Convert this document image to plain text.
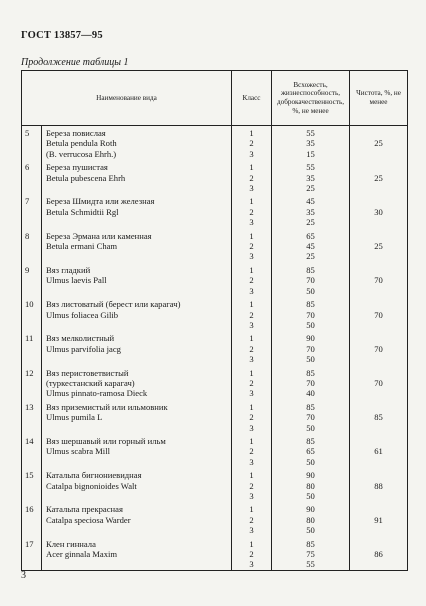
ГОСТ 13857—95
Продолжение таблицы 1
Наименование вида		Класс	Всхожесть, жизнеспособность, доброкачественность, %, не менее	Чистота, %, не менее
5	Береза повислая	1	55	
	Betula pendula Roth	2	35	25
	(B. verrucosa Ehrh.)	3	15	
6	Береза пушистая	1	55	
	Betula pubescena Ehrh	2	35	25
		3	25	
7	Береза Шмидта или железная	1	45	
	Betula Schmidtii Rgl	2	35	30
		3	25	
8	Береза Эрмана или каменная	1	65	
	Betula ermani Cham	2	45	25
		3	25	
9	Вяз гладкий	1	85	
	Ulmus laevis Pall	2	70	70
		3	50	
10	Вяз листоватый (берест или карагач)	1	85	
	Ulmus foliacea Gilib	2	70	70
		3	50	
11	Вяз мелколистный	1	90	
	Ulmus parvifolia jacg	2	70	70
		3	50	
12	Вяз перистоветвистый	1	85	
	(туркестанский карагач)	2	70	70
	Ulmus pinnato-ramosa Dieck	3	40	
13	Вяз приземистый или ильмовник	1	85	
	Ulmus pumila L	2	70	85
		3	50	
14	Вяз шершавый или горный ильм	1	85	
	Ulmus scabra Mill	2	65	61
		3	50	
15	Катальпа бигнониевидная	1	90	
	Catalpa bignonioides Walt	2	80	88
		3	50	
16	Катальпа прекрасная	1	90	
	Catalpa speciosa Warder	2	80	91
		3	50	
17	Клен гиннала	1	85	
	Acer ginnala Maxim	2	75	86
		3	55	
3
